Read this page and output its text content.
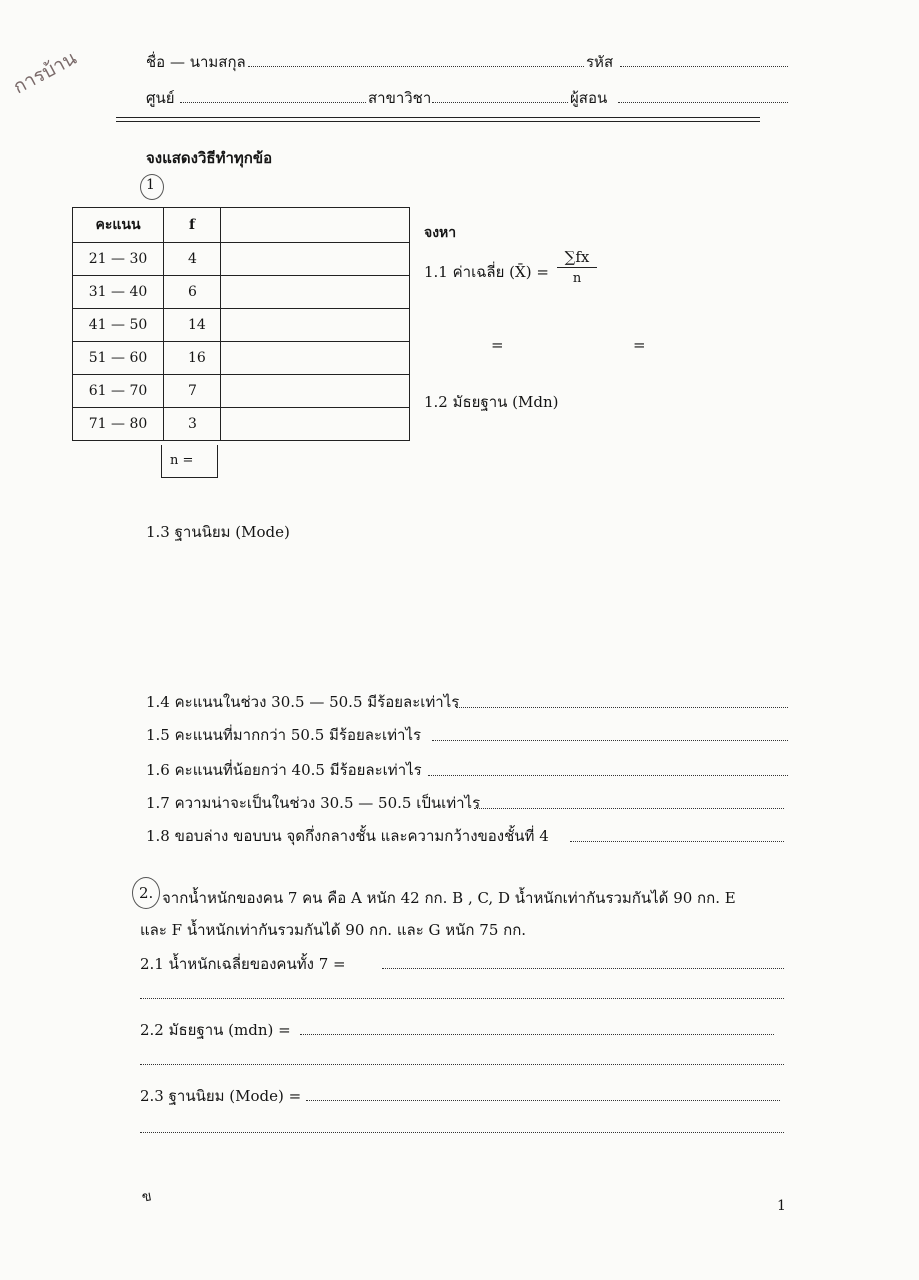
การบ้าน	ชื่อ — นามสกุล	รหัส
ศูนย์	สาขาวิชา	ผู้สอน
จงแสดงวิธีทำทุกข้อ
1
คะแนน	f	
21 — 30	4	
31 — 40	6	
41 — 50	14	
51 — 60	16	
61 — 70	7	
71 — 80	3	
n =
จงหา
1.1 ค่าเฉลี่ย (X̄) = $\frac{\sum fx}{n}$
=	=
1.2 มัธยฐาน (Mdn)
1.3 ฐานนิยม (Mode)
1.4 คะแนนในช่วง 30.5 — 50.5 มีร้อยละเท่าไร
1.5 คะแนนที่มากกว่า 50.5 มีร้อยละเท่าไร
1.6 คะแนนที่น้อยกว่า 40.5 มีร้อยละเท่าไร
1.7 ความน่าจะเป็นในช่วง 30.5 — 50.5 เป็นเท่าไร
1.8 ขอบล่าง ขอบบน จุดกึ่งกลางชั้น และความกว้างของชั้นที่ 4
2. จากน้ำหนักของคน 7 คน คือ A หนัก 42 กก. B , C, D น้ำหนักเท่ากันรวมกันได้ 90 กก. E
และ F น้ำหนักเท่ากันรวมกันได้ 90 กก. และ G หนัก 75 กก.
2.1 น้ำหนักเฉลี่ยของคนทั้ง 7 =
2.2 มัธยฐาน (mdn) =
2.3 ฐานนิยม (Mode) =
ข
1
